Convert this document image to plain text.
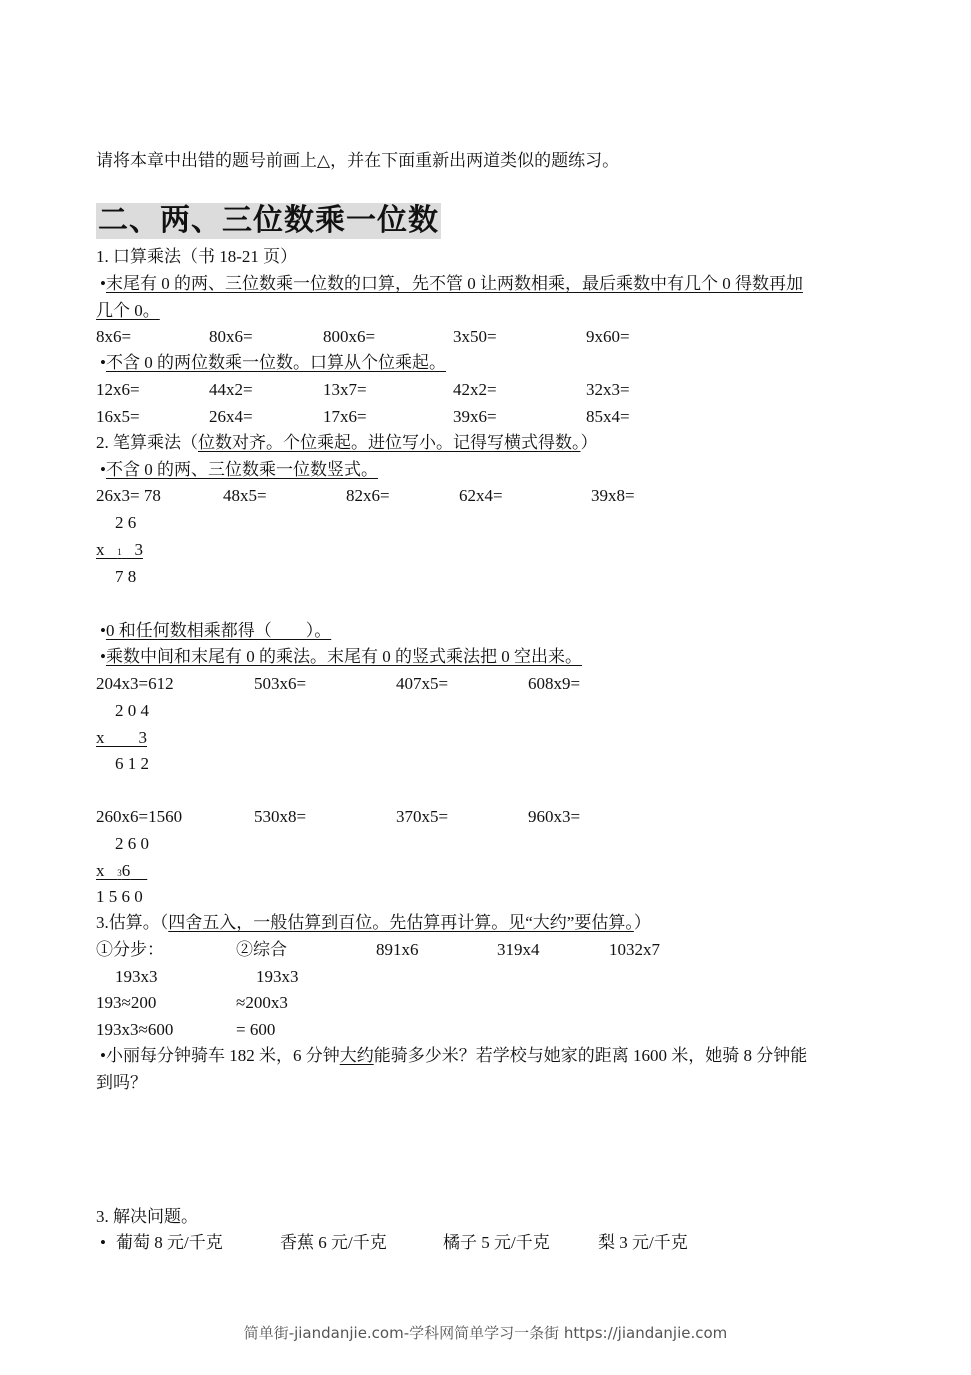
请将本章中出错的题号前画上△，并在下面重新出两道类似的题练习。
二、两、三位数乘一位数
1. 口算乘法（书 18-21 页）
•末尾有 0 的两、三位数乘一位数的口算，先不管 0 让两数相乘，最后乘数中有几个 0 得数再加
几个 0。
8x6=	80x6=	800x6=	3x50=	9x60=
•不含 0 的两位数乘一位数。口算从个位乘起。
12x6=	44x2=	13x7=	42x2=	32x3=
16x5=	26x4=	17x6=	39x6=	85x4=
2. 笔算乘法（位数对齐。个位乘起。进位写小。记得写横式得数。）
•不含 0 的两、三位数乘一位数竖式。
26x3= 78	48x5=	82x6=	62x4=	39x8=
2 6
x 1 3
7 8
•0 和任何数相乘都得（        ）。
•乘数中间和末尾有 0 的乘法。末尾有 0 的竖式乘法把 0 空出来。
204x3=612	503x6=	407x5=	608x9=
2 0 4
x 3
6 1 2
260x6=1560	530x8=	370x5=	960x3=
2 6 0
x 36
1 5 6 0
3.估算。（四舍五入，一般估算到百位。先估算再计算。见“大约”要估算。）
①分步：	②综合	891x6	319x4	1032x7
193x3	193x3
193≈200	≈200x3
193x3≈600	= 600
•小丽每分钟骑车 182 米，6 分钟大约能骑多少米？若学校与她家的距离 1600 米，她骑 8 分钟能
到吗？
3. 解决问题。
• 葡萄 8 元/千克	香蕉 6 元/千克	橘子 5 元/千克	梨 3 元/千克
简单街-jiandanjie.com-学科网简单学习一条街 https://jiandanjie.com
